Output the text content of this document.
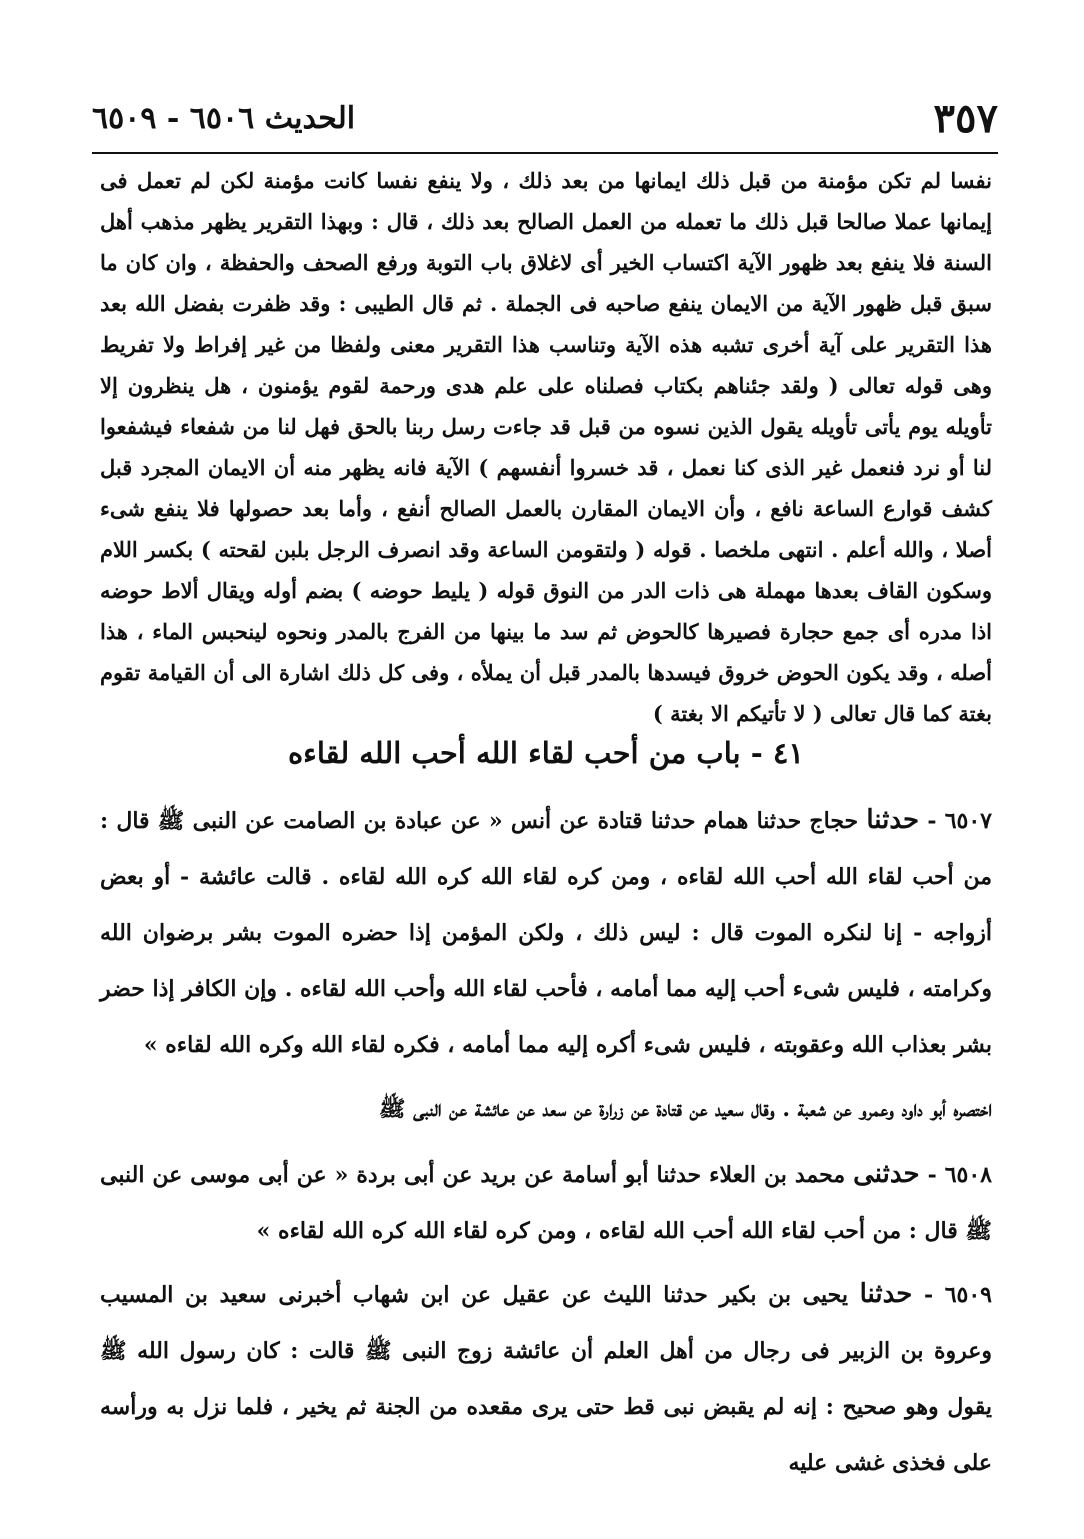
الحديث ٦٥٠٦ - ٦٥٠٩	٣٥٧

نفسا لم تكن مؤمنة من قبل ذلك ايمانها من بعد ذلك ، ولا ينفع نفسا كانت مؤمنة لكن لم تعمل فى إيمانها عملا صالحا قبل ذلك ما تعمله من العمل الصالح بعد ذلك ، قال : وبهذا التقرير يظهر مذهب أهل السنة فلا ينفع بعد ظهور الآية اكتساب الخير أى لاغلاق باب التوبة ورفع الصحف والحفظة ، وان كان ما سبق قبل ظهور الآية من الايمان ينفع صاحبه فى الجملة . ثم قال الطيبى : وقد ظفرت بفضل الله بعد هذا التقرير على آية أخرى تشبه هذه الآية وتناسب هذا التقرير معنى ولفظا من غير إفراط ولا تفريط وهى قوله تعالى ( ولقد جئناهم بكتاب فصلناه على علم هدى ورحمة لقوم يؤمنون ، هل ينظرون إلا تأويله يوم يأتى تأويله يقول الذين نسوه من قبل قد جاءت رسل ربنا بالحق فهل لنا من شفعاء فيشفعوا لنا أو نرد فنعمل غير الذى كنا نعمل ، قد خسروا أنفسهم ) الآية فانه يظهر منه أن الايمان المجرد قبل كشف قوارع الساعة نافع ، وأن الايمان المقارن بالعمل الصالح أنفع ، وأما بعد حصولها فلا ينفع شىء أصلا ، والله أعلم . انتهى ملخصا . قوله ( ولتقومن الساعة وقد انصرف الرجل بلبن لقحته ) بكسر اللام وسكون القاف بعدها مهملة هى ذات الدر من النوق قوله ( يليط حوضه ) بضم أوله ويقال ألاط حوضه اذا مدره أى جمع حجارة فصيرها كالحوض ثم سد ما بينها من الفرج بالمدر ونحوه لينحبس الماء ، هذا أصله ، وقد يكون الحوض خروق فيسدها بالمدر قبل أن يملأه ، وفى كل ذلك اشارة الى أن القيامة تقوم بغتة كما قال تعالى ( لا تأتيكم الا بغتة )

٤١ - باب من أحب لقاء الله أحب الله لقاءه

٦٥٠٧ - حدثنا حجاج حدثنا همام حدثنا قتادة عن أنس « عن عبادة بن الصامت عن النبى ﷺ قال : من أحب لقاء الله أحب الله لقاءه ، ومن كره لقاء الله كره الله لقاءه . قالت عائشة - أو بعض أزواجه - إنا لنكره الموت قال : ليس ذلك ، ولكن المؤمن إذا حضره الموت بشر برضوان الله وكرامته ، فليس شىء أحب إليه مما أمامه ، فأحب لقاء الله وأحب الله لقاءه . وإن الكافر إذا حضر بشر بعذاب الله وعقوبته ، فليس شىء أكره إليه مما أمامه ، فكره لقاء الله وكره الله لقاءه »

اختصره أبو داود وعمرو عن شعبة . وقال سعيد عن قتادة عن زرارة عن سعد عن عائشة عن النبى ﷺ

٦٥٠٨ - حدثنى محمد بن العلاء حدثنا أبو أسامة عن بريد عن أبى بردة « عن أبى موسى عن النبى ﷺ قال : من أحب لقاء الله أحب الله لقاءه ، ومن كره لقاء الله كره الله لقاءه »

٦٥٠٩ - حدثنا يحيى بن بكير حدثنا الليث عن عقيل عن ابن شهاب أخبرنى سعيد بن المسيب وعروة بن الزبير فى رجال من أهل العلم أن عائشة زوج النبى ﷺ قالت : كان رسول الله ﷺ يقول وهو صحيح : إنه لم يقبض نبى قط حتى يرى مقعده من الجنة ثم يخير ، فلما نزل به ورأسه على فخذى غشى عليه
